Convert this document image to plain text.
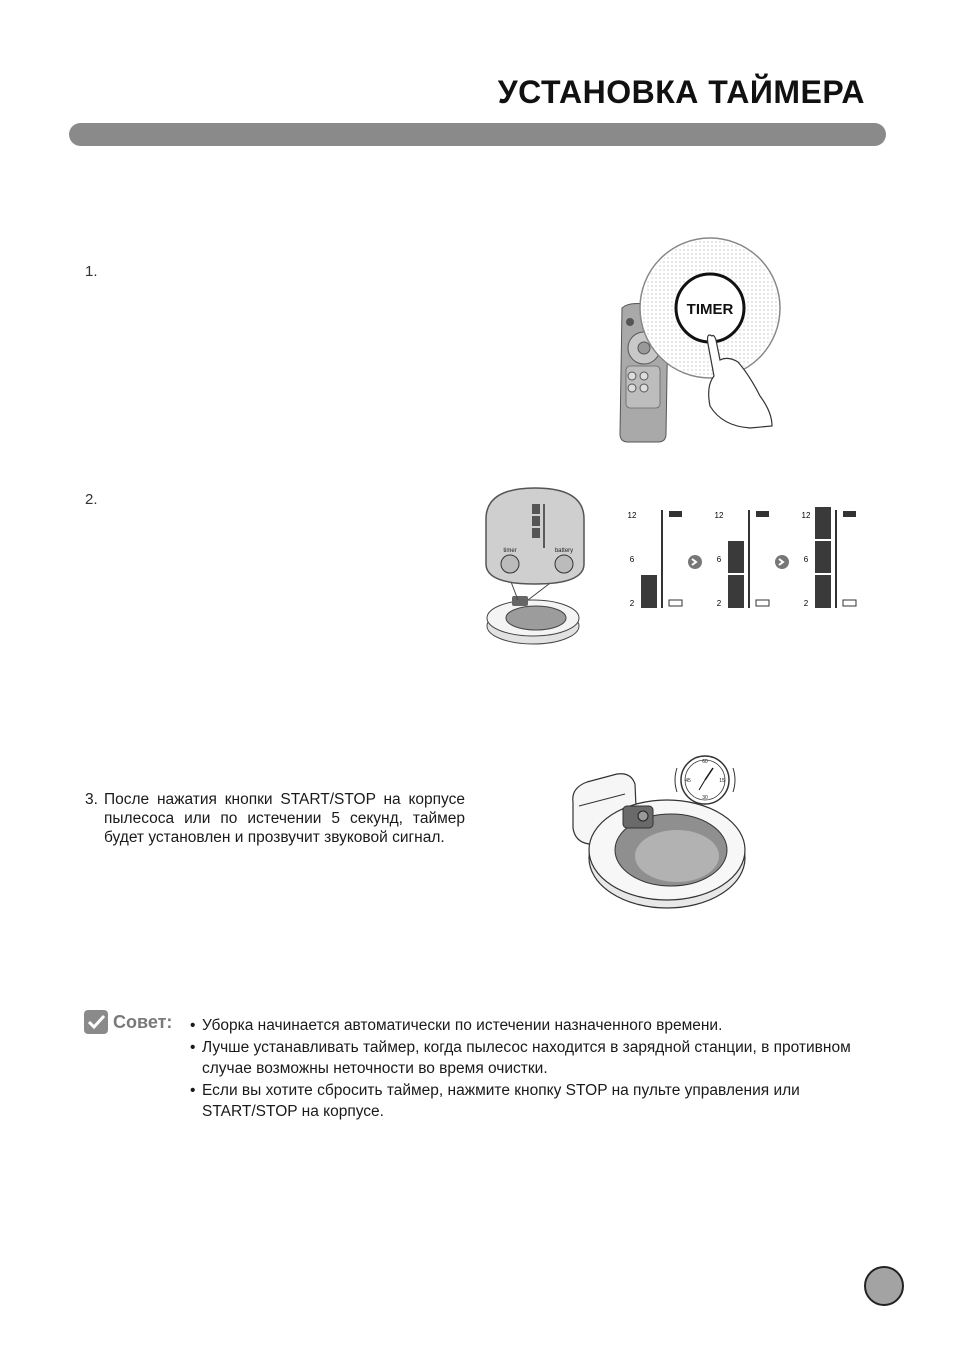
УСТАНОВКА ТАЙМЕРА
1.
TIMER
2.
timer	battery
12
6
2
12
6
2
12
6
2
3. После нажатия кнопки START/STOP на корпусе пылесоса или по истечении 5 секунд, таймер будет установлен и прозвучит звуковой сигнал.
60
15
45
30
Совет:
•	Уборка начинается автоматически по истечении назначенного времени.
• Лучше устанавливать таймер, когда пылесос находится в зарядной станции, в противном случае возможны неточности во время очистки.
• Если вы хотите сбросить таймер, нажмите кнопку STOP на пульте управления или START/STOP на корпусе.
